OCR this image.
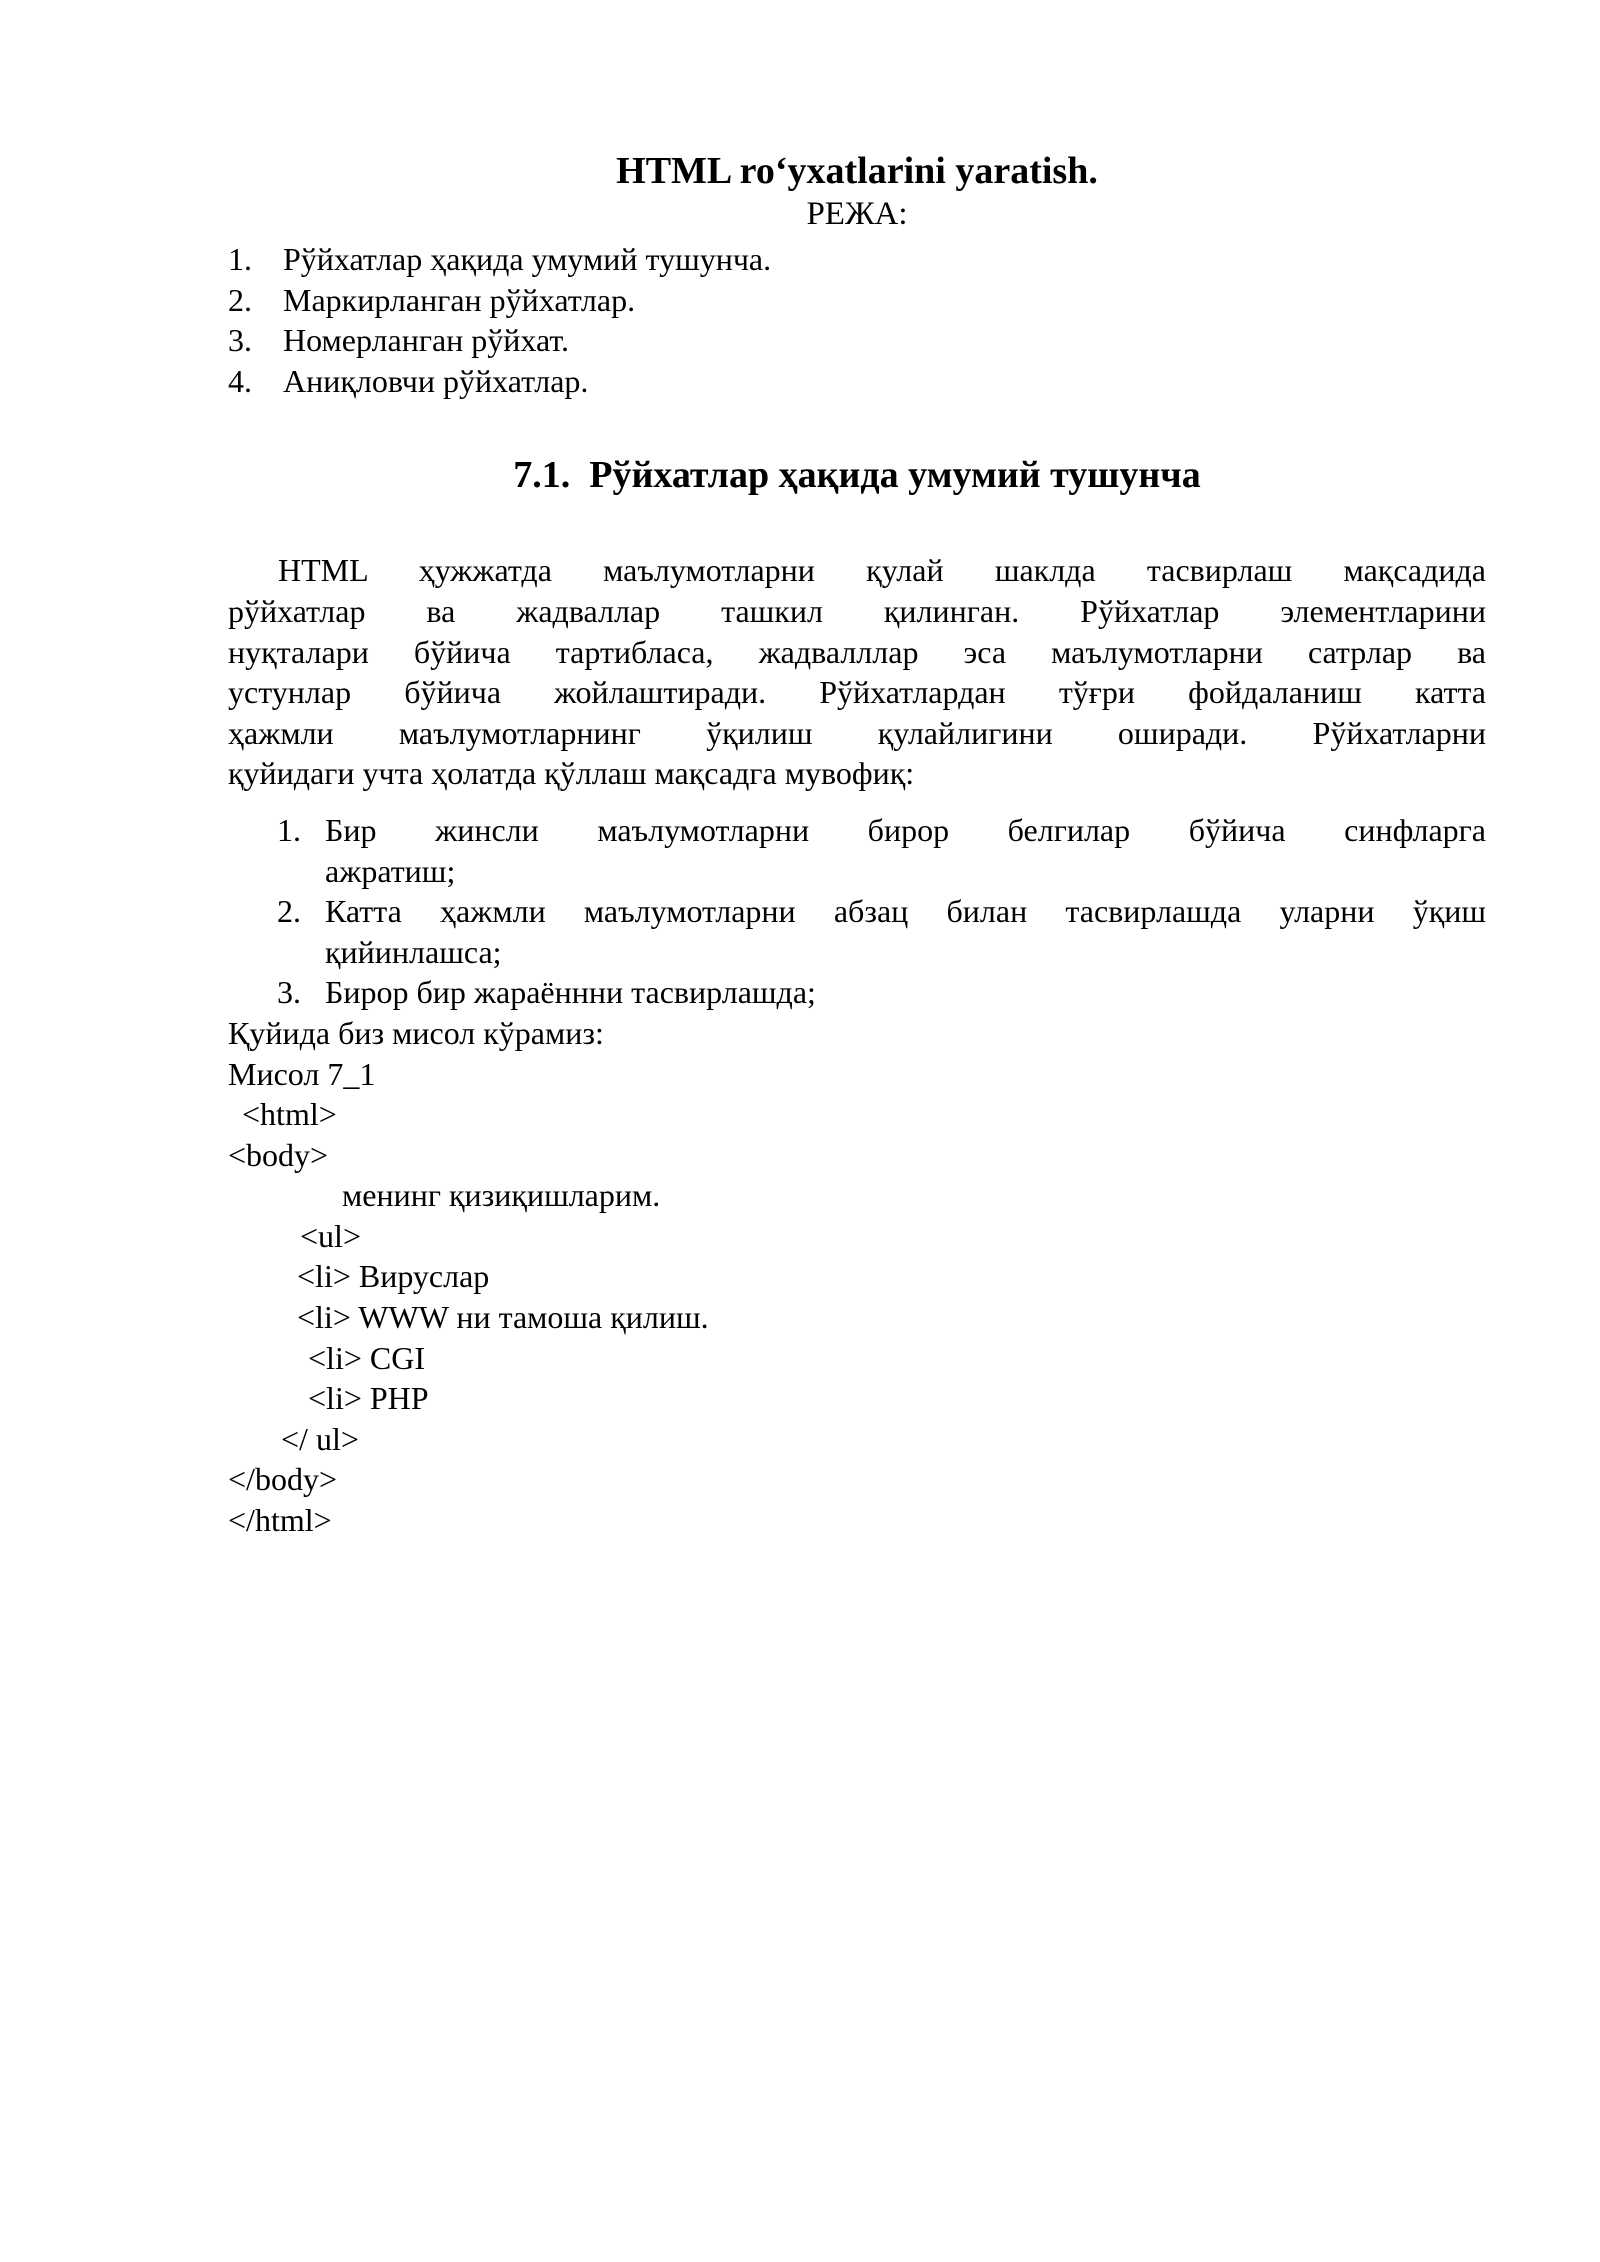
HTML ro‘yxatlarini yaratish.
РЕЖА:
1. Рўйхатлар ҳақида умумий тушунча.
2. Маркирланган рўйхатлар.
3. Номерланган рўйхат.
4. Аниқловчи рўйхатлар.
7.1.  Рўйхатлар ҳақида умумий тушунча
HTML ҳужжатда маълумотларни қулай шаклда тасвирлаш мақсадида
рўйхатлар ва жадваллар ташкил қилинган. Рўйхатлар элементларини
нуқталари бўйича тартибласа, жадвалллар эса маълумотларни сатрлар ва
устунлар бўйича жойлаштиради. Рўйхатлардан тўғри фойдаланиш катта
ҳажмли маълумотларнинг ўқилиш қулайлигини оширади. Рўйхатларни
қуйидаги учта ҳолатда қўллаш мақсадга мувофиқ:
1. Бир жинсли маълумотларни бирор белгилар бўйича синфларга
ажратиш;
2. Катта ҳажмли маълумотларни абзац билан тасвирлашда уларни ўқиш
қийинлашса;
3. Бирор бир жараённни тасвирлашда;
Қуйида биз мисол кўрамиз:
Мисол 7_1
<html>
<body>
менинг қизиқишларим.
<ul>
<li> Вируслар
<li> WWW ни тамоша қилиш.
<li> CGI
<li> PHP
</ ul>
</body>
</html>
